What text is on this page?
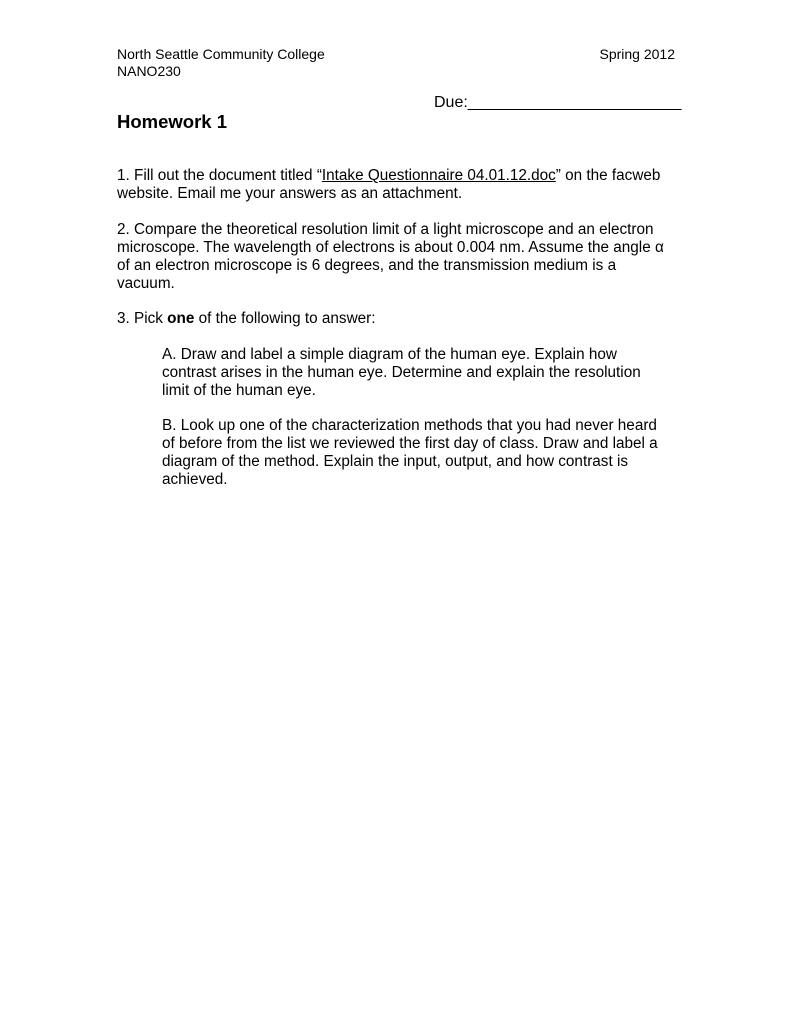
North Seattle Community College
NANO230
Spring 2012
Due:________________________
Homework 1
1. Fill out the document titled “Intake Questionnaire 04.01.12.doc” on the facweb
website. Email me your answers as an attachment.
2. Compare the theoretical resolution limit of a light microscope and an electron
microscope. The wavelength of electrons is about 0.004 nm. Assume the angle α
of an electron microscope is 6 degrees, and the transmission medium is a
vacuum.
3. Pick one of the following to answer:
A. Draw and label a simple diagram of the human eye. Explain how
contrast arises in the human eye. Determine and explain the resolution
limit of the human eye.
B. Look up one of the characterization methods that you had never heard
of before from the list we reviewed the first day of class. Draw and label a
diagram of the method. Explain the input, output, and how contrast is
achieved.
